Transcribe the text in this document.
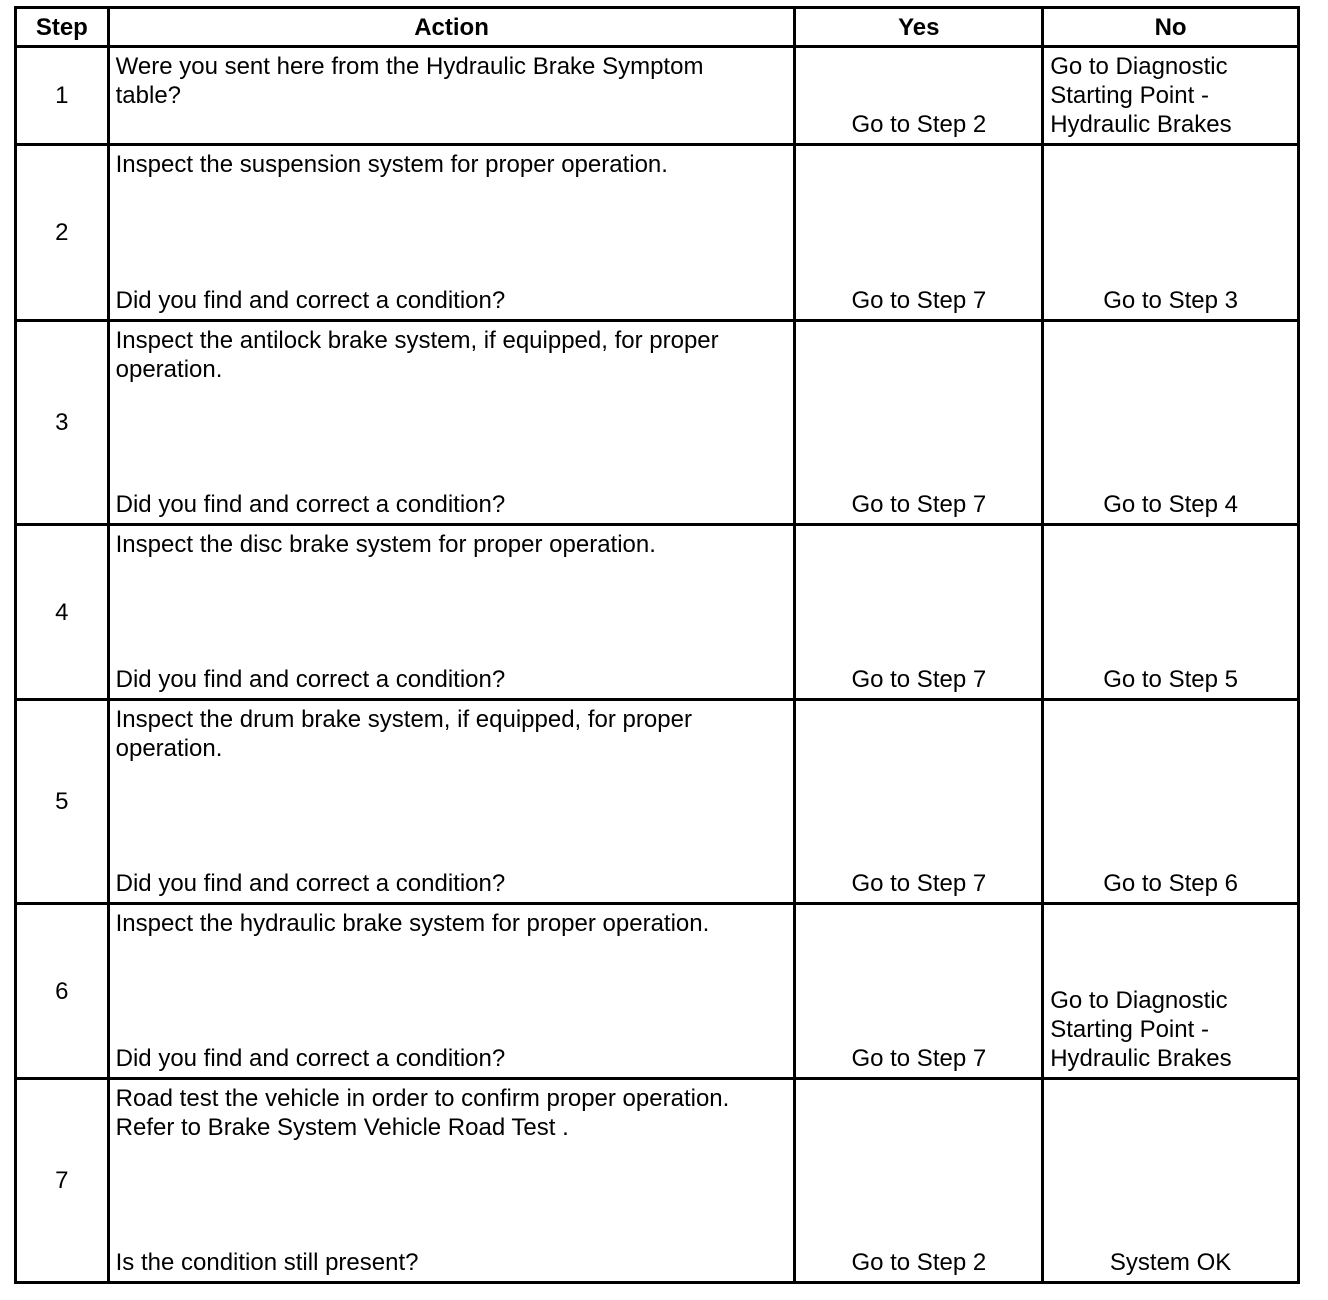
Step	Action	Yes	No
1	Were you sent here from the Hydraulic Brake Symptom table?	Go to Step 2	Go to Diagnostic Starting Point - Hydraulic Brakes
2	Inspect the suspension system for proper operation.
Did you find and correct a condition?	Go to Step 7	Go to Step 3
3	Inspect the antilock brake system, if equipped, for proper operation.
Did you find and correct a condition?	Go to Step 7	Go to Step 4
4	Inspect the disc brake system for proper operation.
Did you find and correct a condition?	Go to Step 7	Go to Step 5
5	Inspect the drum brake system, if equipped, for proper operation.
Did you find and correct a condition?	Go to Step 7	Go to Step 6
6	Inspect the hydraulic brake system for proper operation.
Did you find and correct a condition?	Go to Step 7	Go to Diagnostic Starting Point - Hydraulic Brakes
7	Road test the vehicle in order to confirm proper operation.
Refer to Brake System Vehicle Road Test .
Is the condition still present?	Go to Step 2	System OK
